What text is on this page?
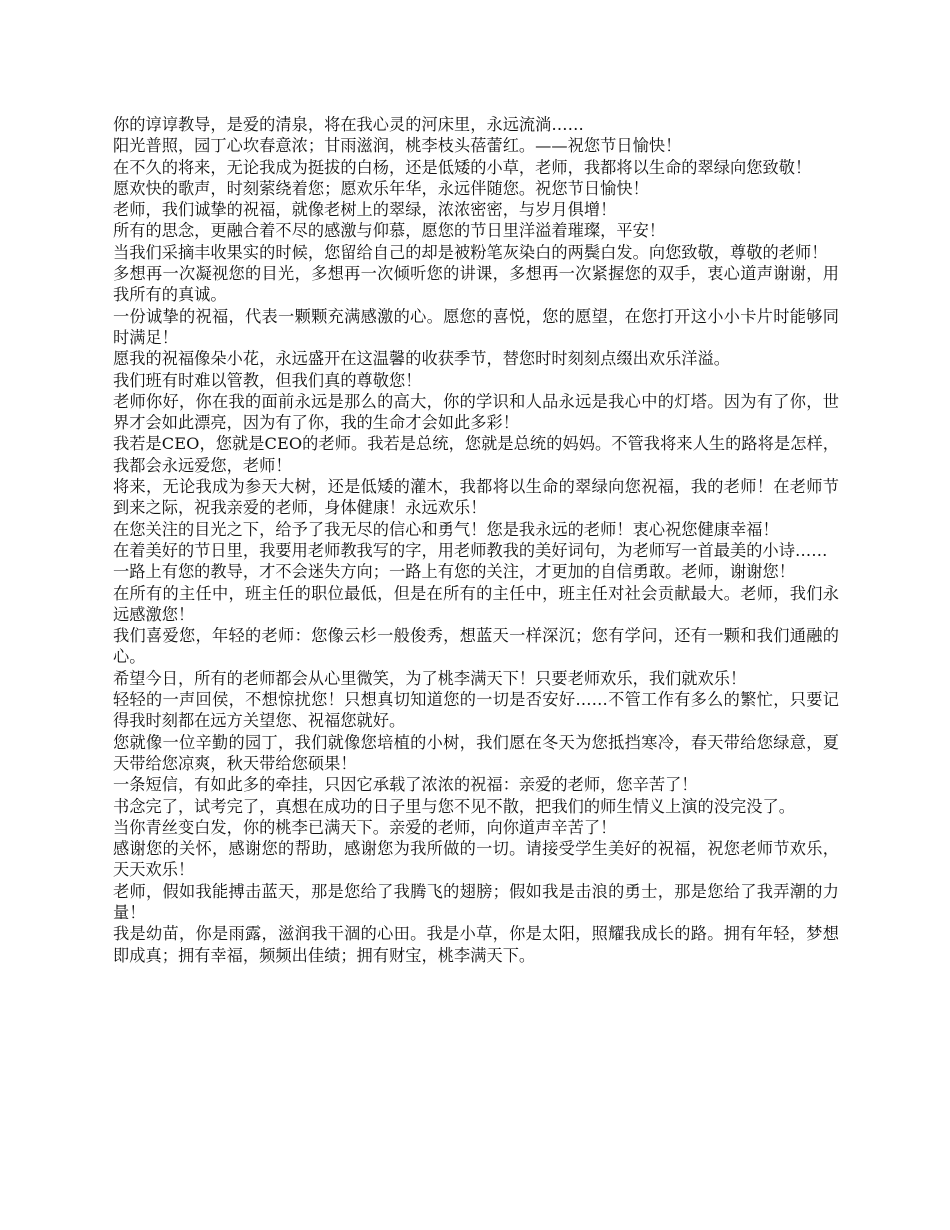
你的谆谆教导，是爱的清泉，将在我心灵的河床里，永远流淌……

阳光普照，园丁心坎春意浓；甘雨滋润，桃李枝头蓓蕾红。——祝您节日愉快！

在不久的将来，无论我成为挺拔的白杨，还是低矮的小草，老师，我都将以生命的翠绿向您致敬！

愿欢快的歌声，时刻萦绕着您；愿欢乐年华，永远伴随您。祝您节日愉快！

老师，我们诚挚的祝福，就像老树上的翠绿，浓浓密密，与岁月俱增！

所有的思念，更融合着不尽的感激与仰慕，愿您的节日里洋溢着璀璨，平安！

当我们采摘丰收果实的时候，您留给自己的却是被粉笔灰染白的两鬓白发。向您致敬，尊敬的老师！

多想再一次凝视您的目光，多想再一次倾听您的讲课，多想再一次紧握您的双手，衷心道声谢谢，用我所有的真诚。

一份诚挚的祝福，代表一颗颗充满感激的心。愿您的喜悦，您的愿望，在您打开这小小卡片时能够同时满足！

愿我的祝福像朵小花，永远盛开在这温馨的收获季节，替您时时刻刻点缀出欢乐洋溢。

我们班有时难以管教，但我们真的尊敬您！

老师你好，你在我的面前永远是那么的高大，你的学识和人品永远是我心中的灯塔。因为有了你，世界才会如此漂亮，因为有了你，我的生命才会如此多彩！

我若是CEO，您就是CEO的老师。我若是总统，您就是总统的妈妈。不管我将来人生的路将是怎样，我都会永远爱您，老师！

将来，无论我成为参天大树，还是低矮的灌木，我都将以生命的翠绿向您祝福，我的老师！在老师节到来之际，祝我亲爱的老师，身体健康！永远欢乐！

在您关注的目光之下，给予了我无尽的信心和勇气！您是我永远的老师！衷心祝您健康幸福！

在着美好的节日里，我要用老师教我写的字，用老师教我的美好词句，为老师写一首最美的小诗……

一路上有您的教导，才不会迷失方向；一路上有您的关注，才更加的自信勇敢。老师，谢谢您！

在所有的主任中，班主任的职位最低，但是在所有的主任中，班主任对社会贡献最大。老师，我们永远感激您！

我们喜爱您，年轻的老师：您像云杉一般俊秀，想蓝天一样深沉；您有学问，还有一颗和我们通融的心。

希望今日，所有的老师都会从心里微笑，为了桃李满天下！只要老师欢乐，我们就欢乐！

轻轻的一声回侯，不想惊扰您！只想真切知道您的一切是否安好……不管工作有多么的繁忙，只要记得我时刻都在远方关望您、祝福您就好。

您就像一位辛勤的园丁，我们就像您培植的小树，我们愿在冬天为您抵挡寒冷，春天带给您绿意，夏天带给您凉爽，秋天带给您硕果！

一条短信，有如此多的牵挂，只因它承载了浓浓的祝福：亲爱的老师，您辛苦了！

书念完了，试考完了，真想在成功的日子里与您不见不散，把我们的师生情义上演的没完没了。

当你青丝变白发，你的桃李已满天下。亲爱的老师，向你道声辛苦了！

感谢您的关怀，感谢您的帮助，感谢您为我所做的一切。请接受学生美好的祝福，祝您老师节欢乐，天天欢乐！

老师，假如我能搏击蓝天，那是您给了我腾飞的翅膀；假如我是击浪的勇士，那是您给了我弄潮的力量！

我是幼苗，你是雨露，滋润我干涸的心田。我是小草，你是太阳，照耀我成长的路。拥有年轻，梦想即成真；拥有幸福，频频出佳绩；拥有财宝，桃李满天下。
